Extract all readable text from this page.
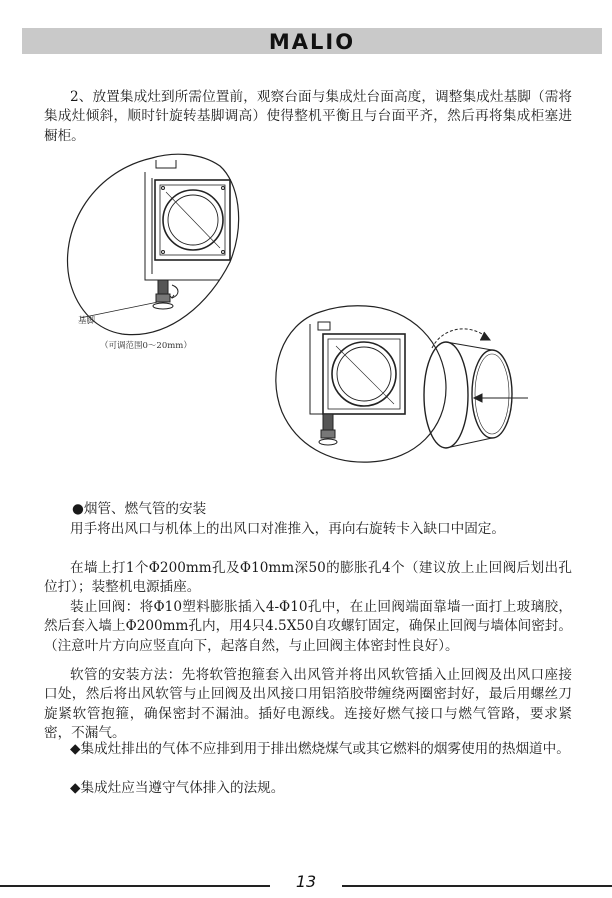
MALIO

2、放置集成灶到所需位置前，观察台面与集成灶台面高度，调整集成灶基脚（需将集成灶倾斜，顺时针旋转基脚调高）使得整机平衡且与台面平齐，然后再将集成柜塞进橱柜。

基脚
（可调范围0～20mm）

●烟管、燃气管的安装

用手将出风口与机体上的出风口对准推入，再向右旋转卡入缺口中固定。

在墙上打1个Φ200mm孔及Φ10mm深50的膨胀孔4个（建议放上止回阀后划出孔位打）；装整机电源插座。

装止回阀：将Φ10塑料膨胀插入4-Φ10孔中，在止回阀端面靠墙一面打上玻璃胶，然后套入墙上Φ200mm孔内，用4只4.5X50自攻螺钉固定，确保止回阀与墙体间密封。（注意叶片方向应竖直向下，起落自然，与止回阀主体密封性良好）。

软管的安装方法：先将软管抱箍套入出风管并将出风软管插入止回阀及出风口座接口处，然后将出风软管与止回阀及出风接口用铝箔胶带缠绕两圈密封好，最后用螺丝刀旋紧软管抱箍，确保密封不漏油。插好电源线。连接好燃气接口与燃气管路，要求紧密，不漏气。

◆集成灶排出的气体不应排到用于排出燃烧煤气或其它燃料的烟雾使用的热烟道中。

◆集成灶应当遵守气体排入的法规。

13
